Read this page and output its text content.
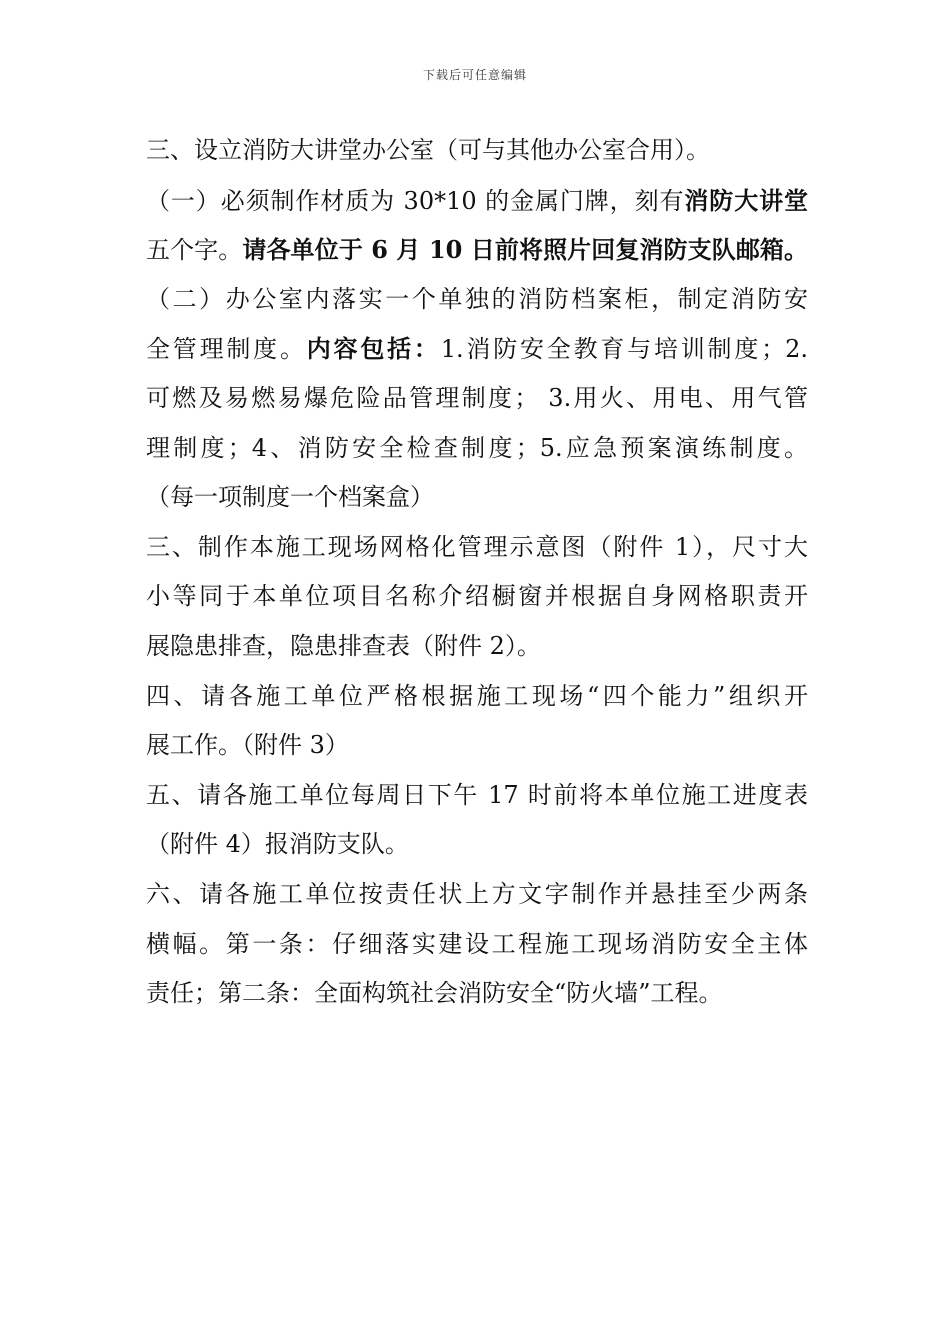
下载后可任意编辑
三、设立消防大讲堂办公室（可与其他办公室合用）。
（一）必须制作材质为 30*10 的金属门牌，刻有消防大讲堂
五个字。请各单位于 6 月 10 日前将照片回复消防支队邮箱。
（二）办公室内落实一个单独的消防档案柜，制定消防安
全管理制度。内容包括：1.消防安全教育与培训制度；2.
可燃及易燃易爆危险品管理制度； 3.用火、用电、用气管
理制度；4、消防安全检查制度；5.应急预案演练制度。
（每一项制度一个档案盒）
三、制作本施工现场网格化管理示意图（附件 1），尺寸大
小等同于本单位项目名称介绍橱窗并根据自身网格职责开
展隐患排查，隐患排查表（附件 2）。
四、请各施工单位严格根据施工现场“四个能力”组织开
展工作。（附件 3）
五、请各施工单位每周日下午 17 时前将本单位施工进度表
（附件 4）报消防支队。
六、请各施工单位按责任状上方文字制作并悬挂至少两条
横幅。第一条：仔细落实建设工程施工现场消防安全主体
责任；第二条：全面构筑社会消防安全“防火墙”工程。
